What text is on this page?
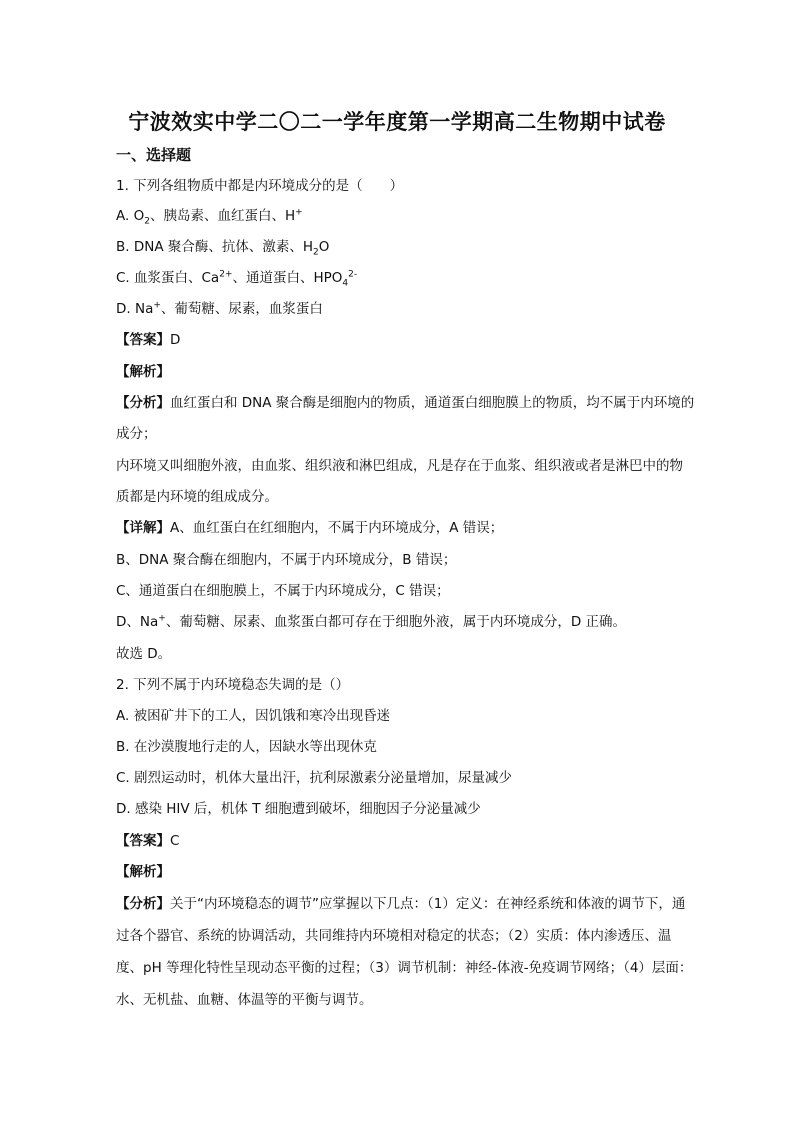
宁波效实中学二〇二一学年度第一学期高二生物期中试卷
一、选择题

1. 下列各组物质中都是内环境成分的是（　　）

A. $O_2$、胰岛素、血红蛋白、H+

B. DNA 聚合酶、抗体、激素、$H_2O$

C. 血浆蛋白、$Ca^{2+}$、通道蛋白、$HPO_4^{2-}$

D. Na+、葡萄糖、尿素，血浆蛋白

【答案】D

【解析】

【分析】血红蛋白和 DNA 聚合酶是细胞内的物质，通道蛋白细胞膜上的物质，均不属于内环境的

成分；

内环境又叫细胞外液，由血浆、组织液和淋巴组成，凡是存在于血浆、组织液或者是淋巴中的物

质都是内环境的组成成分。

【详解】A、血红蛋白在红细胞内，不属于内环境成分，A 错误；

B、DNA 聚合酶在细胞内，不属于内环境成分，B 错误；

C、通道蛋白在细胞膜上，不属于内环境成分，C 错误；

D、Na+、葡萄糖、尿素、血浆蛋白都可存在于细胞外液，属于内环境成分，D 正确。

故选 D。

2. 下列不属于内环境稳态失调的是（）

A. 被困矿井下的工人，因饥饿和寒冷出现昏迷

B. 在沙漠腹地行走的人，因缺水等出现休克

C. 剧烈运动时，机体大量出汗，抗利尿激素分泌量增加，尿量减少

D. 感染 HIV 后，机体 T 细胞遭到破坏，细胞因子分泌量减少

【答案】C

【解析】

【分析】关于“内环境稳态的调节”应掌握以下几点：（1）定义：在神经系统和体液的调节下，通

过各个器官、系统的协调活动，共同维持内环境相对稳定的状态；（2）实质：体内渗透压、温

度、pH 等理化特性呈现动态平衡的过程；（3）调节机制：神经-体液-免疫调节网络；（4）层面：

水、无机盐、血糖、体温等的平衡与调节。
